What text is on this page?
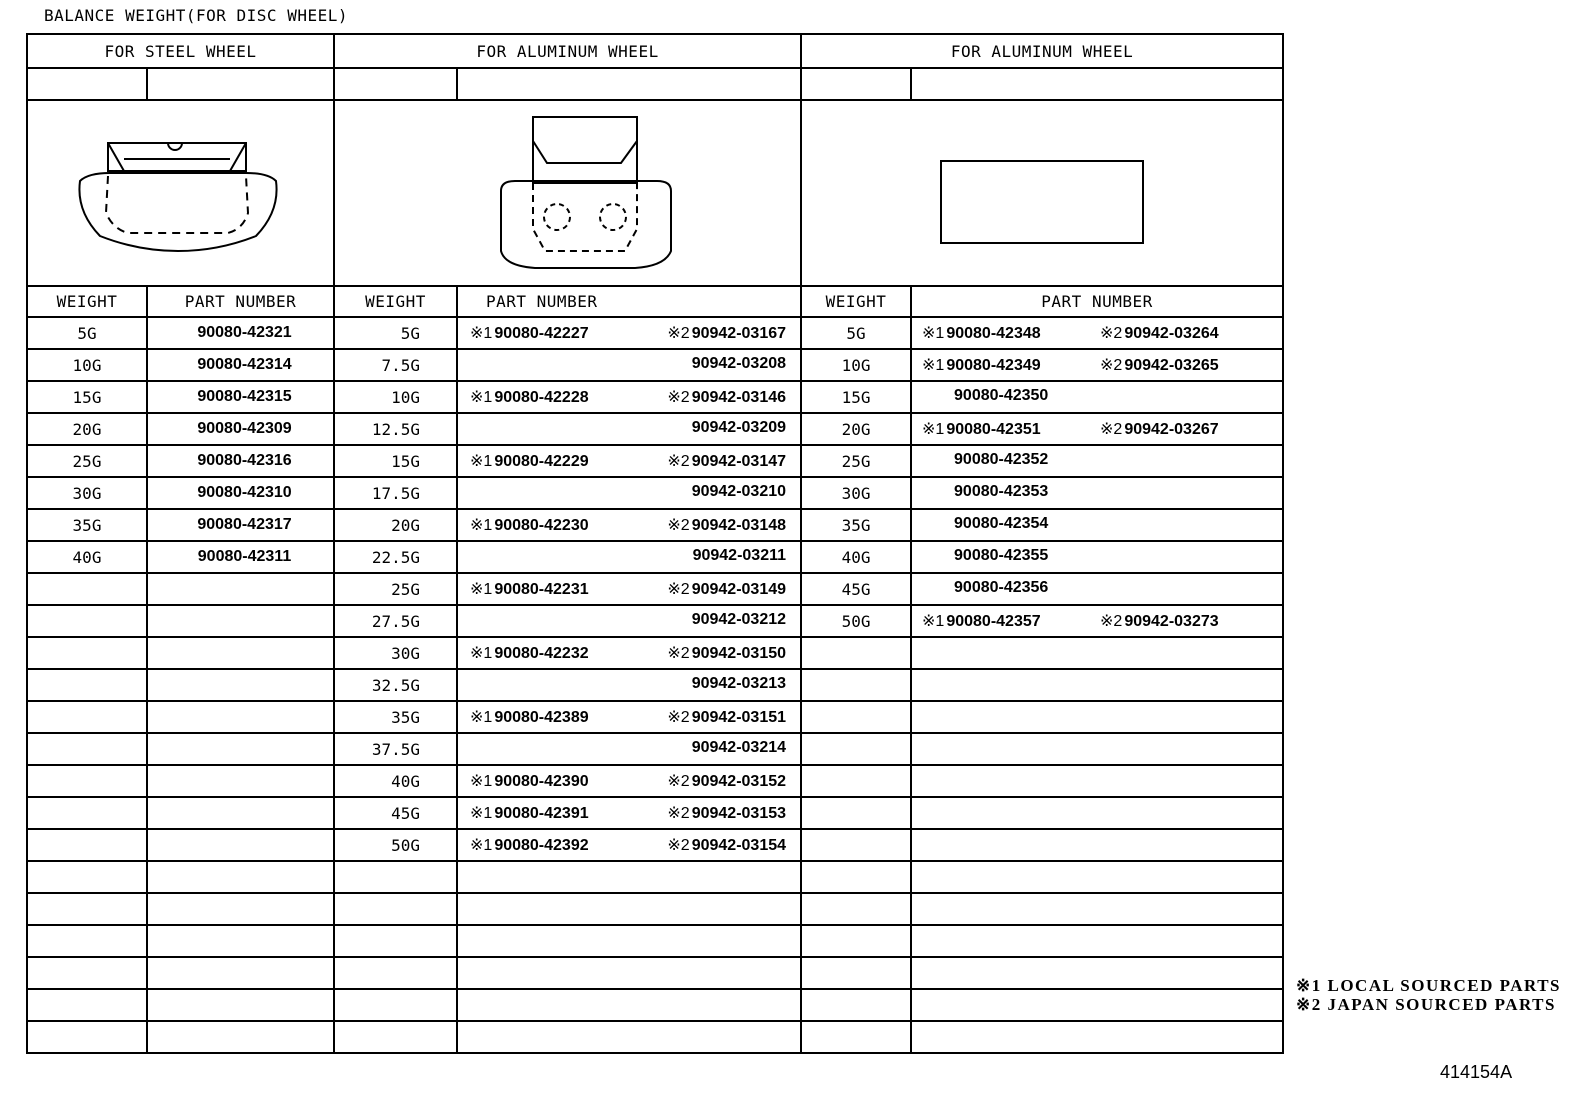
BALANCE WEIGHT(FOR DISC WHEEL)
FOR STEEL WHEEL		FOR ALUMINUM WHEEL		FOR ALUMINUM WHEEL	

WEIGHT	PART NUMBER	WEIGHT	PART NUMBER	WEIGHT	PART NUMBER
5G	90080-42321	5G	※1 90080-42227 ※2 90942-03167	5G	※1 90080-42348 ※2 90942-03264

10G	90080-42314	7.5G	90942-03208	10G	※1 90080-42349 ※2 90942-03265

15G	90080-42315	10G	※1 90080-42228 ※2 90942-03146	15G	90080-42350

20G	90080-42309	12.5G	90942-03209	20G	※1 90080-42351 ※2 90942-03267

25G	90080-42316	15G	※1 90080-42229 ※2 90942-03147	25G	90080-42352

30G	90080-42310	17.5G	90942-03210	30G	90080-42353

35G	90080-42317	20G	※1 90080-42230 ※2 90942-03148	35G	90080-42354

40G	90080-42311	22.5G	90942-03211	40G	90080-42355

		25G	※1 90080-42231 ※2 90942-03149	45G	90080-42356

		27.5G	90942-03212	50G	※1 90080-42357 ※2 90942-03273

		30G	※1 90080-42232 ※2 90942-03150		

		32.5G	90942-03213		

		35G	※1 90080-42389 ※2 90942-03151		

		37.5G	90942-03214		

		40G	※1 90080-42390 ※2 90942-03152		

		45G	※1 90080-42391 ※2 90942-03153		

		50G	※1 90080-42392 ※2 90942-03154		

※1 LOCAL SOURCED PARTS
※2 JAPAN SOURCED PARTS
414154A
